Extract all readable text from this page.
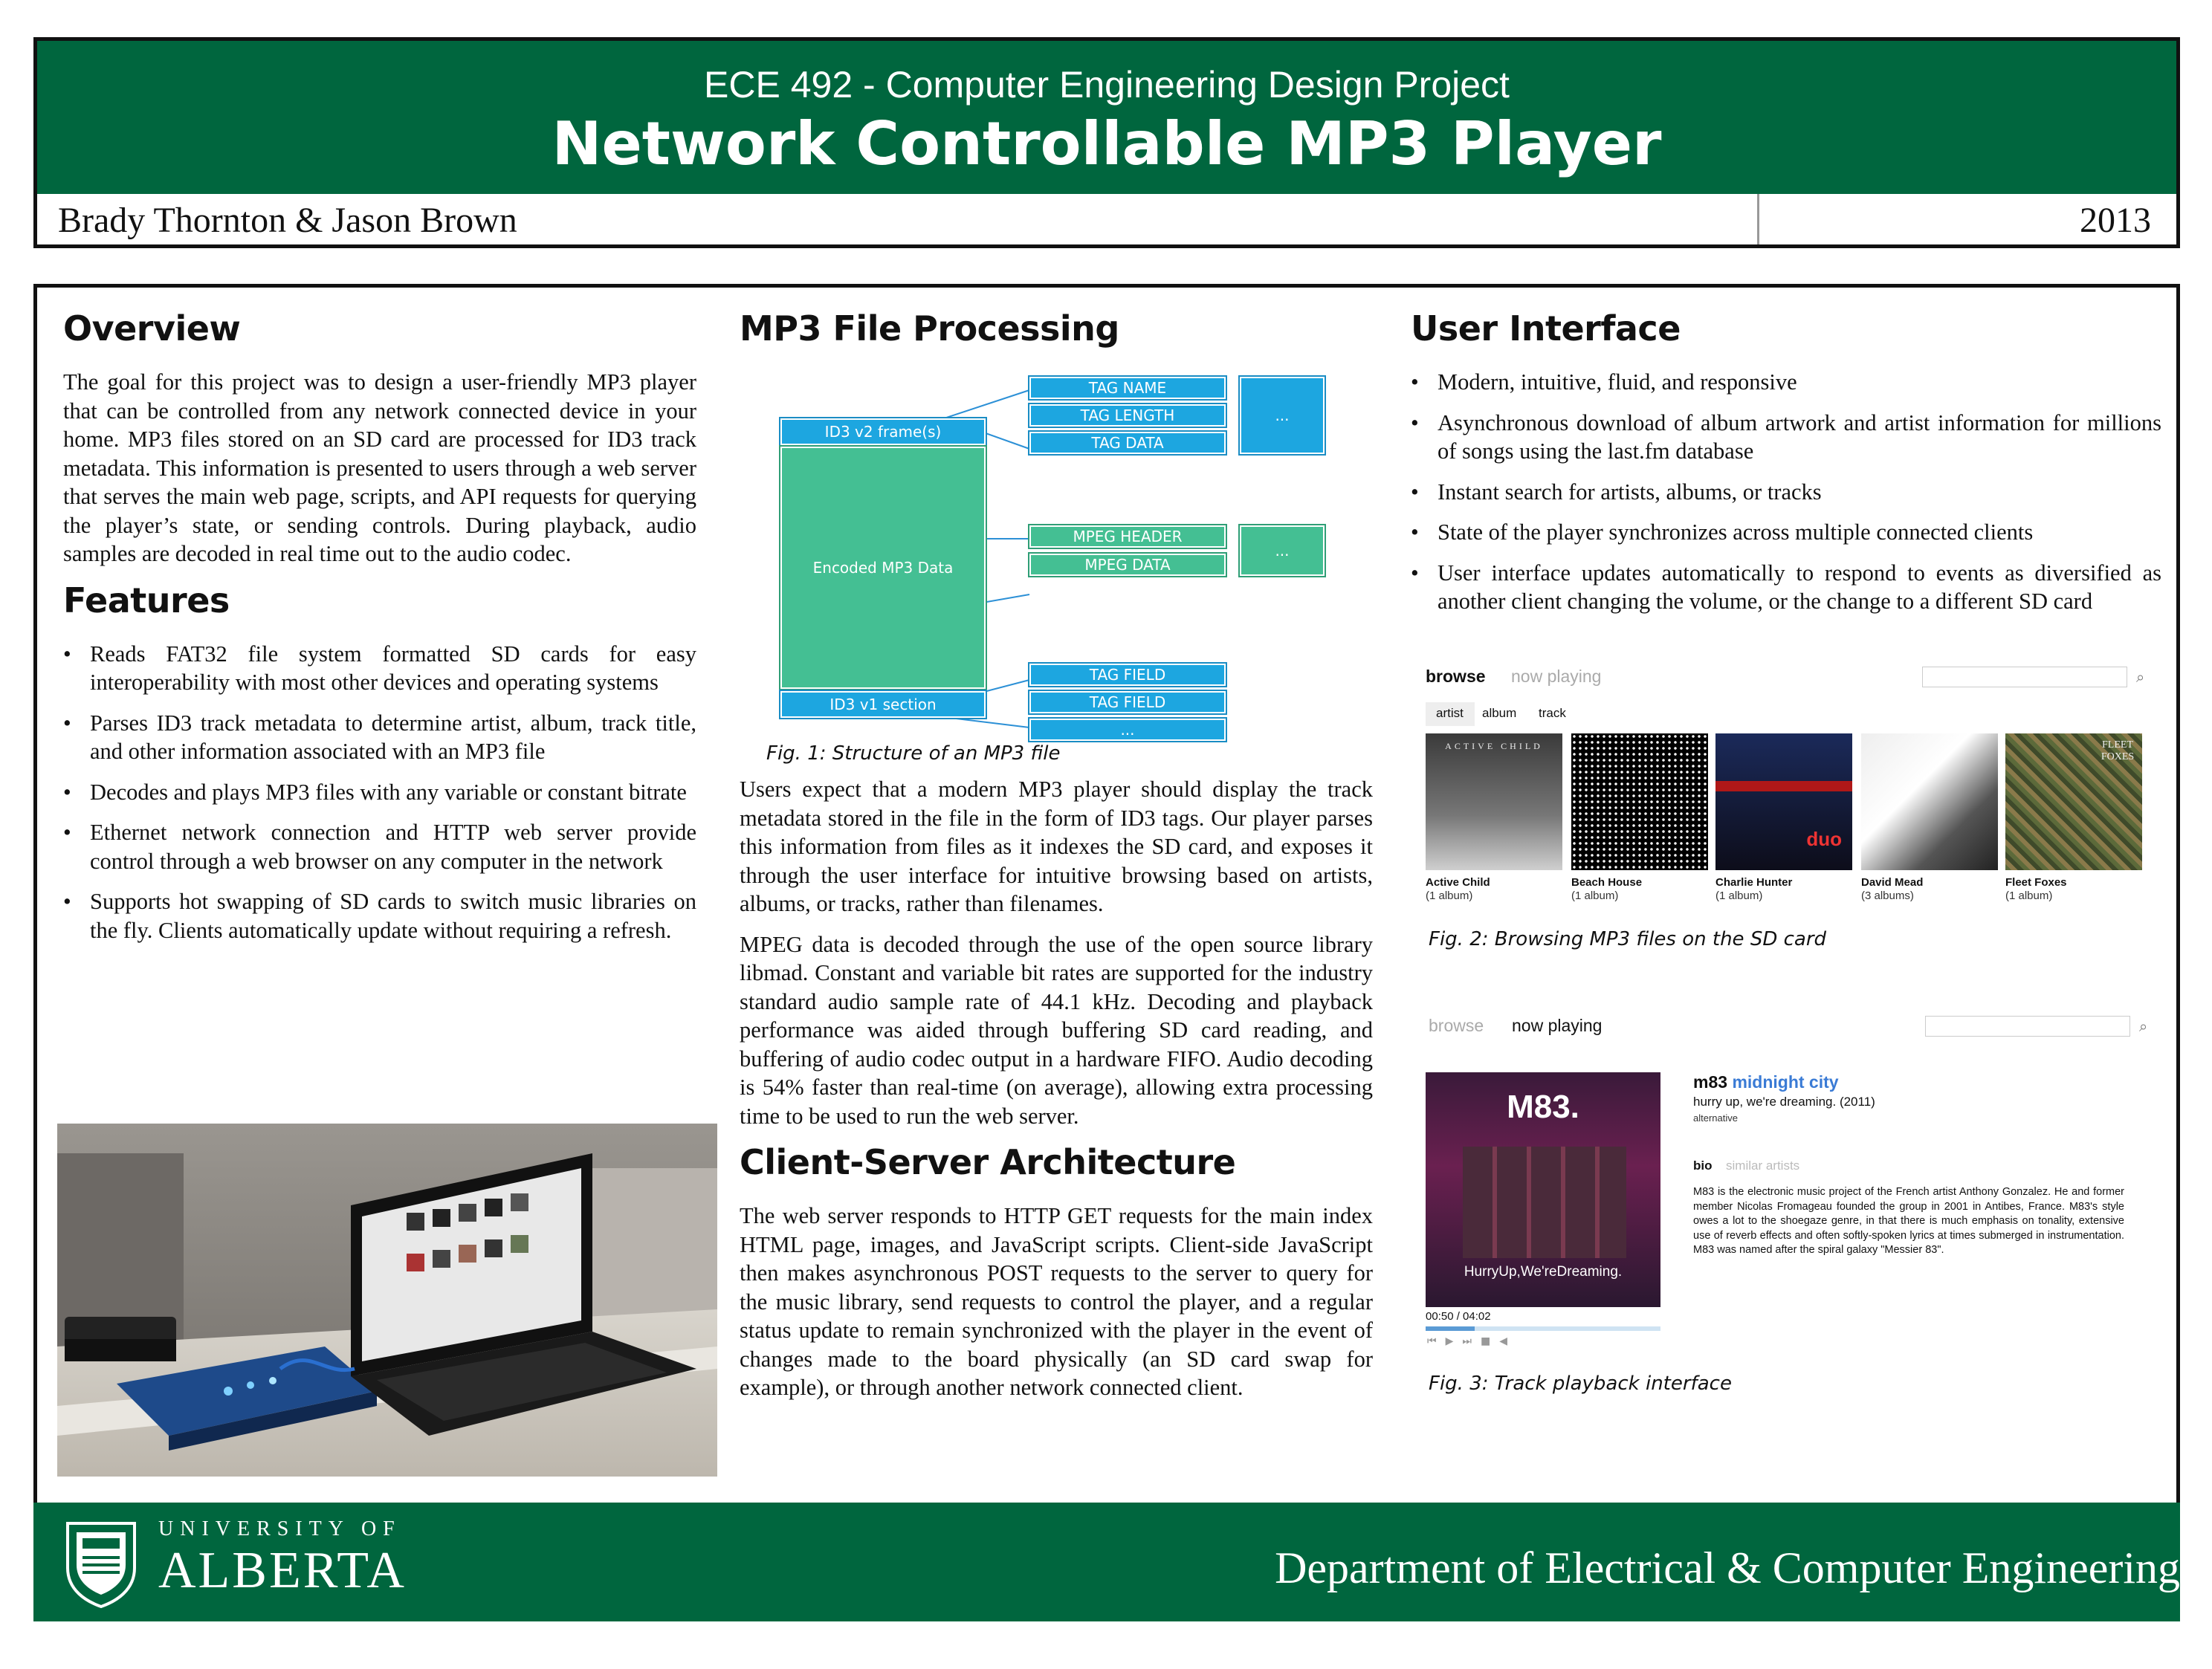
ECE 492 - Computer Engineering Design Project
Network Controllable MP3 Player
Brady Thornton & Jason Brown	2013
Overview

The goal for this project was to design a user-friendly MP3 player that can be controlled from any network connected device in your home. MP3 files stored on an SD card are processed for ID3 track metadata. This information is presented to users through a web server that serves the main web page, scripts, and API requests for querying the player’s state, or sending controls. During playback, audio samples are decoded in real time out to the audio codec.

Features
• Reads FAT32 file system formatted SD cards for easy interoperability with most other devices and operating systems
• Parses ID3 track metadata to determine artist, album, track title, and other information associated with an MP3 file
• Decodes and plays MP3 files with any variable or constant bitrate
• Ethernet network connection and HTTP web server provide control through a web browser on any computer in the network
• Supports hot swapping of SD cards to switch music libraries on the fly. Clients automatically update without requiring a refresh.
MP3 File Processing
ID3 v2 frame(s)
Encoded MP3 Data
ID3 v1 section
TAG NAME
TAG LENGTH
TAG DATA
...
MPEG HEADER
MPEG DATA
...
TAG FIELD
TAG FIELD
...
Fig. 1: Structure of an MP3 file

Users expect that a modern MP3 player should display the track metadata stored in the file in the form of ID3 tags. Our player parses this information from files as it indexes the SD card, and exposes it through the user interface for intuitive browsing based on artists, albums, or tracks, rather than filenames.

MPEG data is decoded through the use of the open source library libmad. Constant and variable bit rates are supported for the industry standard audio sample rate of 44.1 kHz. Decoding and playback performance was aided through buffering SD card reading, and buffering of audio codec output in a hardware FIFO. Audio decoding is 54% faster than real-time (on average), allowing extra processing time to be used to run the web server.

Client-Server Architecture

The web server responds to HTTP GET requests for the main index HTML page, images, and JavaScript scripts. Client-side JavaScript then makes asynchronous POST requests to the server to query for the music library, send requests to control the player, and a regular status update to remain synchronized with the player in the event of changes made to the board physically (an SD card swap for example), or through another network connected client.

User Interface
• Modern, intuitive, fluid, and responsive
• Asynchronous download of album artwork and artist information for millions of songs using the last.fm database
• Instant search for artists, albums, or tracks
• State of the player synchronizes across multiple connected clients
• User interface updates automatically to respond to events as diversified as another client changing the volume, or the change to a different SD card
browse now playing	⌕
artist album track
ACTIVE CHILD
duo
FLEET FOXES
Active Child
(1 album)
Beach House
(1 album)
Charlie Hunter
(1 album)
David Mead
(3 albums)
Fleet Foxes
(1 album)
Fig. 2: Browsing MP3 files on the SD card
browse now playing	⌕
M83.
HurryUp,We'reDreaming.
00:50 / 04:02
⏮▶⏭■◀
m83 midnight city
hurry up, we're dreaming. (2011)
alternative
bio similar artists
M83 is the electronic music project of the French artist Anthony Gonzalez. He and former member Nicolas Fromageau founded the group in 2001 in Antibes, France. M83's style owes a lot to the shoegaze genre, in that there is much emphasis on tonality, extensive use of reverb effects and often softly-spoken lyrics at times submerged in instrumentation. M83 was named after the spiral galaxy "Messier 83".
Fig. 3: Track playback interface
UNIVERSITY OF
ALBERTA	Department of Electrical & Computer Engineering
